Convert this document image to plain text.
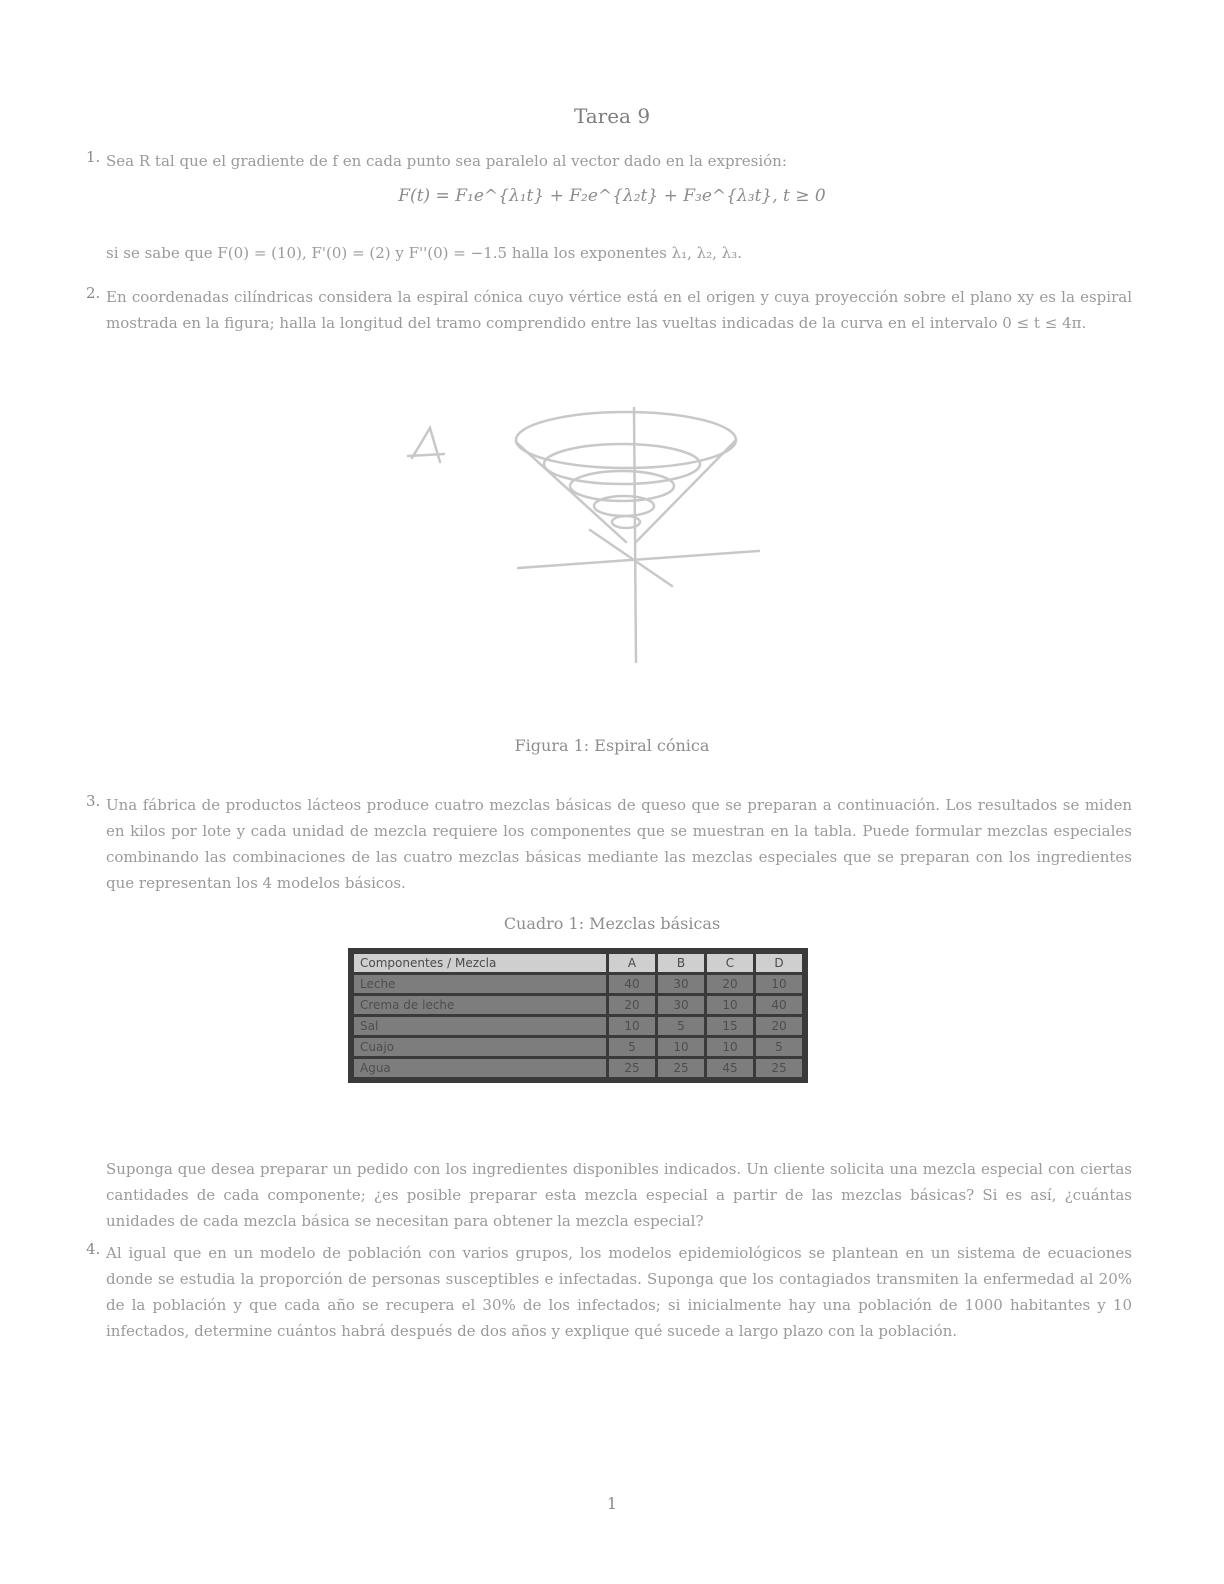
Tarea 9
1. Sea R tal que el gradiente de f en cada punto sea paralelo al vector dado en la expresión:
F(t) = F₁e^{λ₁t} + F₂e^{λ₂t} + F₃e^{λ₃t}, t ≥ 0
si se sabe que F(0) = (10), F'(0) = (2) y F''(0) = −1.5 halla los exponentes λ₁, λ₂, λ₃.
2. En coordenadas cilíndricas considera la espiral cónica cuyo vértice está en el origen y cuya proyección sobre el plano xy es la espiral mostrada en la figura; halla la longitud del tramo comprendido entre las vueltas indicadas de la curva en el intervalo 0 ≤ t ≤ 4π.
Figura 1: Espiral cónica
3. Una fábrica de productos lácteos produce cuatro mezclas básicas de queso que se preparan a continuación. Los resultados se miden en kilos por lote y cada unidad de mezcla requiere los componentes que se muestran en la tabla. Puede formular mezclas especiales combinando las combinaciones de las cuatro mezclas básicas mediante las mezclas especiales que se preparan con los ingredientes que representan los 4 modelos básicos.
Cuadro 1: Mezclas básicas
Componentes / Mezcla	A	B	C	D
Leche	40	30	20	10
Crema de leche	20	30	10	40
Sal	10	5	15	20
Cuajo	5	10	10	5
Agua	25	25	45	25
Suponga que desea preparar un pedido con los ingredientes disponibles indicados. Un cliente solicita una mezcla especial con ciertas cantidades de cada componente; ¿es posible preparar esta mezcla especial a partir de las mezclas básicas? Si es así, ¿cuántas unidades de cada mezcla básica se necesitan para obtener la mezcla especial?
4. Al igual que en un modelo de población con varios grupos, los modelos epidemiológicos se plantean en un sistema de ecuaciones donde se estudia la proporción de personas susceptibles e infectadas. Suponga que los contagiados transmiten la enfermedad al 20% de la población y que cada año se recupera el 30% de los infectados; si inicialmente hay una población de 1000 habitantes y 10 infectados, determine cuántos habrá después de dos años y explique qué sucede a largo plazo con la población.
1
